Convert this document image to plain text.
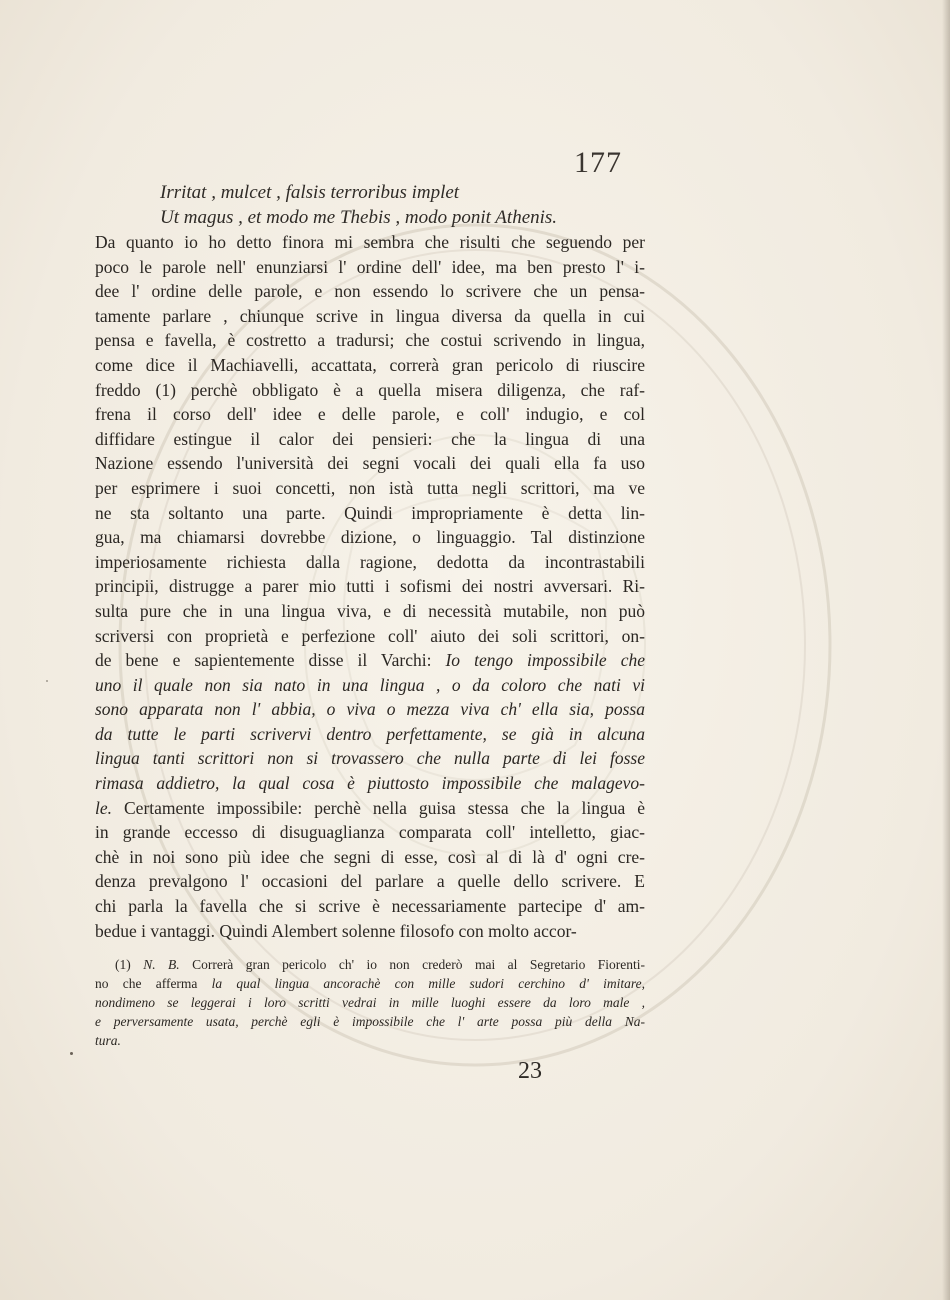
177
Irritat , mulcet , falsis terroribus implet
Ut magus , et modo me Thebis , modo ponit Athenis.
Da quanto io ho detto finora mi sembra che risulti che seguendo per
poco le parole nell' enunziarsi l' ordine dell' idee, ma ben presto l' i-
dee l' ordine delle parole, e non essendo lo scrivere che un pensa-
tamente parlare , chiunque scrive in lingua diversa da quella in cui
pensa e favella, è costretto a tradursi; che costui scrivendo in lingua,
come dice il Machiavelli, accattata, correrà gran pericolo di riuscire
freddo (1) perchè obbligato è a quella misera diligenza, che raf-
frena il corso dell' idee e delle parole, e coll' indugio, e col
diffidare estingue il calor dei pensieri: che la lingua di una
Nazione essendo l'università dei segni vocali dei quali ella fa uso
per esprimere i suoi concetti, non istà tutta negli scrittori, ma ve
ne sta soltanto una parte. Quindi impropriamente è detta lin-
gua, ma chiamarsi dovrebbe dizione, o linguaggio. Tal distinzione
imperiosamente richiesta dalla ragione, dedotta da incontrastabili
principii, distrugge a parer mio tutti i sofismi dei nostri avversari. Ri-
sulta pure che in una lingua viva, e di necessità mutabile, non può
scriversi con proprietà e perfezione coll' aiuto dei soli scrittori, on-
de bene e sapientemente disse il Varchi: Io tengo impossibile che
uno il quale non sia nato in una lingua , o da coloro che nati vi
sono apparata non l' abbia, o viva o mezza viva ch' ella sia, possa
da tutte le parti scrivervi dentro perfettamente, se già in alcuna
lingua tanti scrittori non si trovassero che nulla parte di lei fosse
rimasa addietro, la qual cosa è piuttosto impossibile che malagevo-
le. Certamente impossibile: perchè nella guisa stessa che la lingua è
in grande eccesso di disuguaglianza comparata coll' intelletto, giac-
chè in noi sono più idee che segni di esse, così al di là d' ogni cre-
denza prevalgono l' occasioni del parlare a quelle dello scrivere. E
chi parla la favella che si scrive è necessariamente partecipe d' am-
bedue i vantaggi. Quindi Alembert solenne filosofo con molto accor-
(1) N. B. Correrà gran pericolo ch' io non crederò mai al Segretario Fiorenti-
no che afferma la qual lingua ancorachè con mille sudori cerchino d' imitare,
nondimeno se leggerai i loro scritti vedrai in mille luoghi essere da loro male ,
e perversamente usata, perchè egli è impossibile che l' arte possa più della Na-
tura.
23
